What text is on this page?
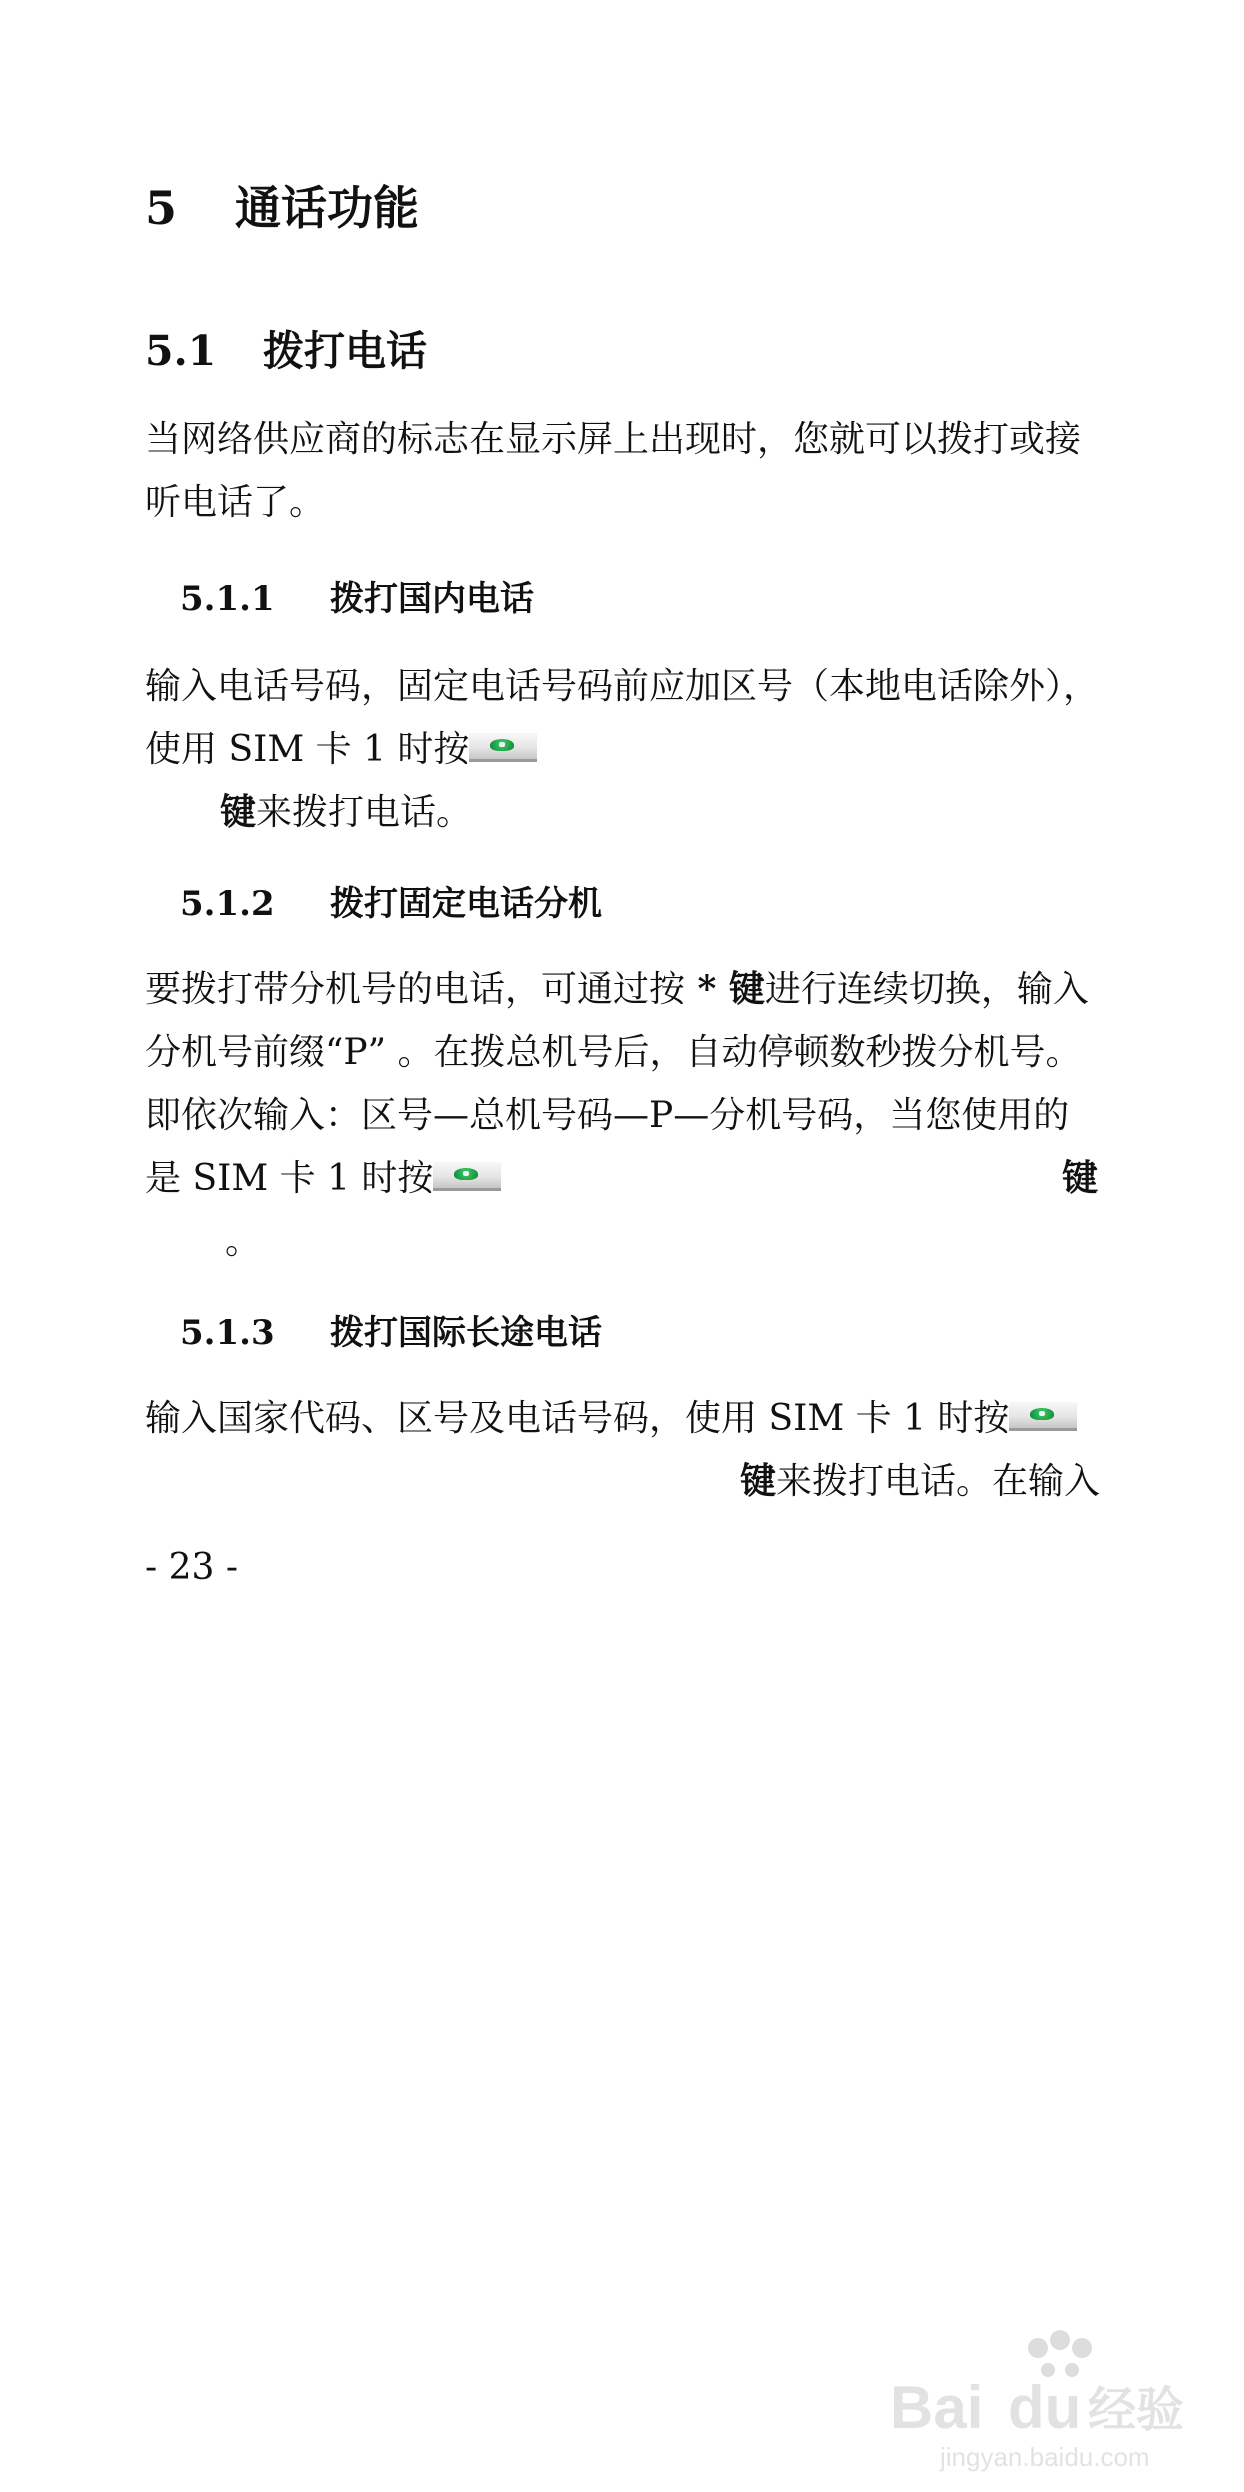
5 通话功能
5.1 拨打电话
当网络供应商的标志在显示屏上出现时，您就可以拨打或接
听电话了。
5.1.1 拨打国内电话
输入电话号码，固定电话号码前应加区号（本地电话除外），
使用 SIM 卡 1 时按
键来拨打电话。
5.1.2 拨打固定电话分机
要拨打带分机号的电话，可通过按 * 键进行连续切换，输入
分机号前缀“P” 。在拨总机号后，自动停顿数秒拨分机号。
即依次输入：区号—总机号码—P—分机号码，当您使用的
是 SIM 卡 1 时按	键
。
5.1.3 拨打国际长途电话
输入国家代码、区号及电话号码，使用 SIM 卡 1 时按
键来拨打电话。在输入
- 23 -
Bai du 经验
jingyan.baidu.com
